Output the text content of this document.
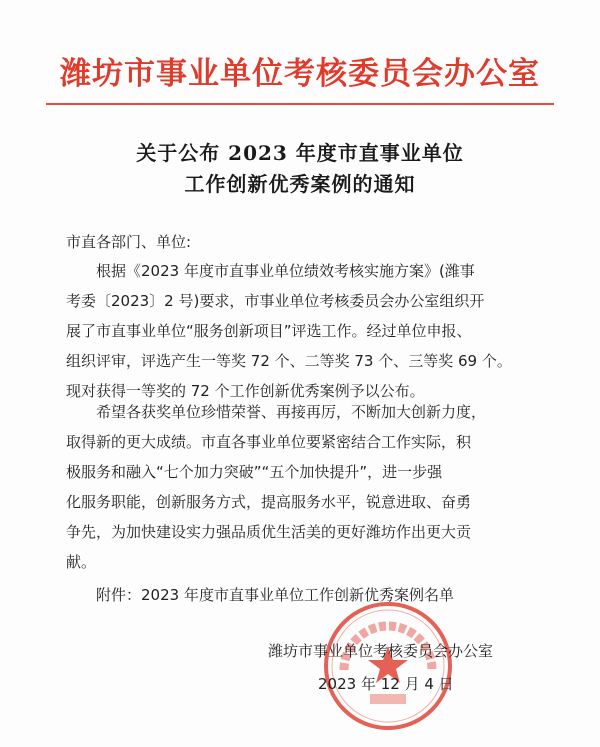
潍坊市事业单位考核委员会办公室
关于公布 2023 年度市直事业单位
工作创新优秀案例的通知
市直各部门、单位:
根据《2023 年度市直事业单位绩效考核实施方案》(潍事
考委〔2023〕2 号)要求，市事业单位考核委员会办公室组织开
展了市直事业单位“服务创新项目”评选工作。经过单位申报、
组织评审，评选产生一等奖 72 个、二等奖 73 个、三等奖 69 个。
现对获得一等奖的 72 个工作创新优秀案例予以公布。
希望各获奖单位珍惜荣誉、再接再厉，不断加大创新力度，
取得新的更大成绩。市直各事业单位要紧密结合工作实际，积
极服务和融入“七个加力突破”“五个加快提升”，进一步强
化服务职能，创新服务方式，提高服务水平，锐意进取、奋勇
争先，为加快建设实力强品质优生活美的更好潍坊作出更大贡
献。
附件：2023 年度市直事业单位工作创新优秀案例名单
潍坊市事业单位考核委员会办公室
2023 年 12 月 4 日
